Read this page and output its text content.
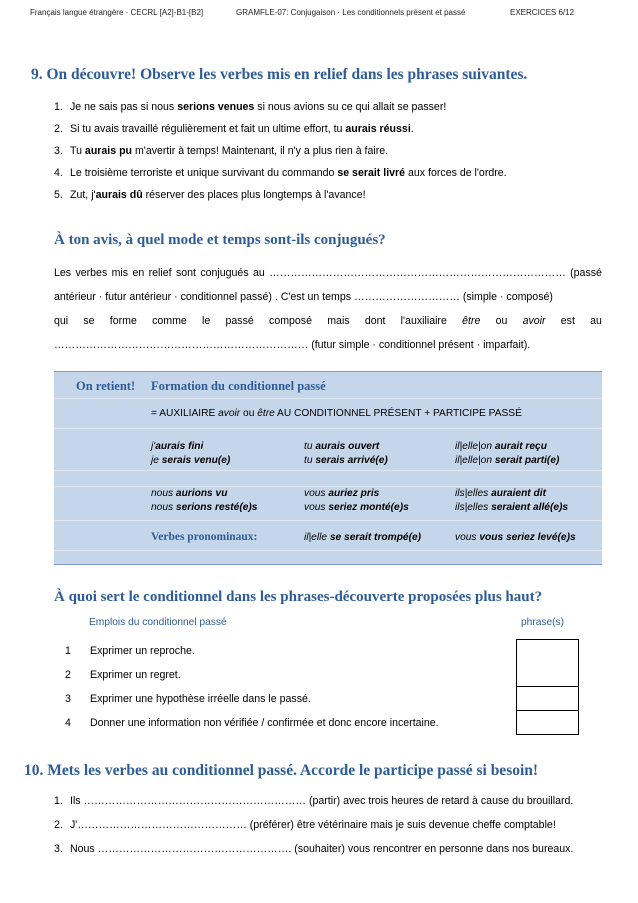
Français langue étrangère · CECRL [A2]-B1-[B2]	GRAMFLE-07: Conjugaison · Les conditionnels présent et passé	EXERCICES 6/12
9. On découvre! Observe les verbes mis en relief dans les phrases suivantes.
1. Je ne sais pas si nous serions venues si nous avions su ce qui allait se passer!
2. Si tu avais travaillé régulièrement et fait un ultime effort, tu aurais réussi.
3. Tu aurais pu m'avertir à temps! Maintenant, il n'y a plus rien à faire.
4. Le troisième terroriste et unique survivant du commando se serait livré aux forces de l'ordre.
5. Zut, j'aurais dû réserver des places plus longtemps à l'avance!
À ton avis, à quel mode et temps sont-ils conjugués?
Les verbes mis en relief sont conjugués au ………………………………………………………………………… (passé
antérieur · futur antérieur · conditionnel passé) . C'est un temps ………………………… (simple · composé)
qui se forme comme le passé composé mais dont l'auxiliaire être ou avoir est au
……………………………………………………………… (futur simple · conditionnel présent · imparfait).
On retient! Formation du conditionnel passé
= AUXILIAIRE avoir ou être AU CONDITIONNEL PRÉSENT + PARTICIPE PASSÉ
j'aurais fini	tu aurais ouvert	il|elle|on aurait reçu
je serais venu(e)	tu serais arrivé(e)	il|elle|on serait parti(e)
nous aurions vu	vous auriez pris	ils|elles auraient dit
nous serions resté(e)s	vous seriez monté(e)s	ils|elles seraient allé(e)s
Verbes pronominaux:	il|elle se serait trompé(e)	vous vous seriez levé(e)s
À quoi sert le conditionnel dans les phrases-découverte proposées plus haut?
Emplois du conditionnel passé	phrase(s)
1 Exprimer un reproche.
2 Exprimer un regret.
3 Exprimer une hypothèse irréelle dans le passé.
4 Donner une information non vérifiée / confirmée et donc encore incertaine.
10. Mets les verbes au conditionnel passé. Accorde le participe passé si besoin!
1. Ils ……………………………………………………… (partir) avec trois heures de retard à cause du brouillard.
2. J'………………………………………… (préférer) être vétérinaire mais je suis devenue cheffe comptable!
3. Nous ………………………………………………. (souhaiter) vous rencontrer en personne dans nos bureaux.
